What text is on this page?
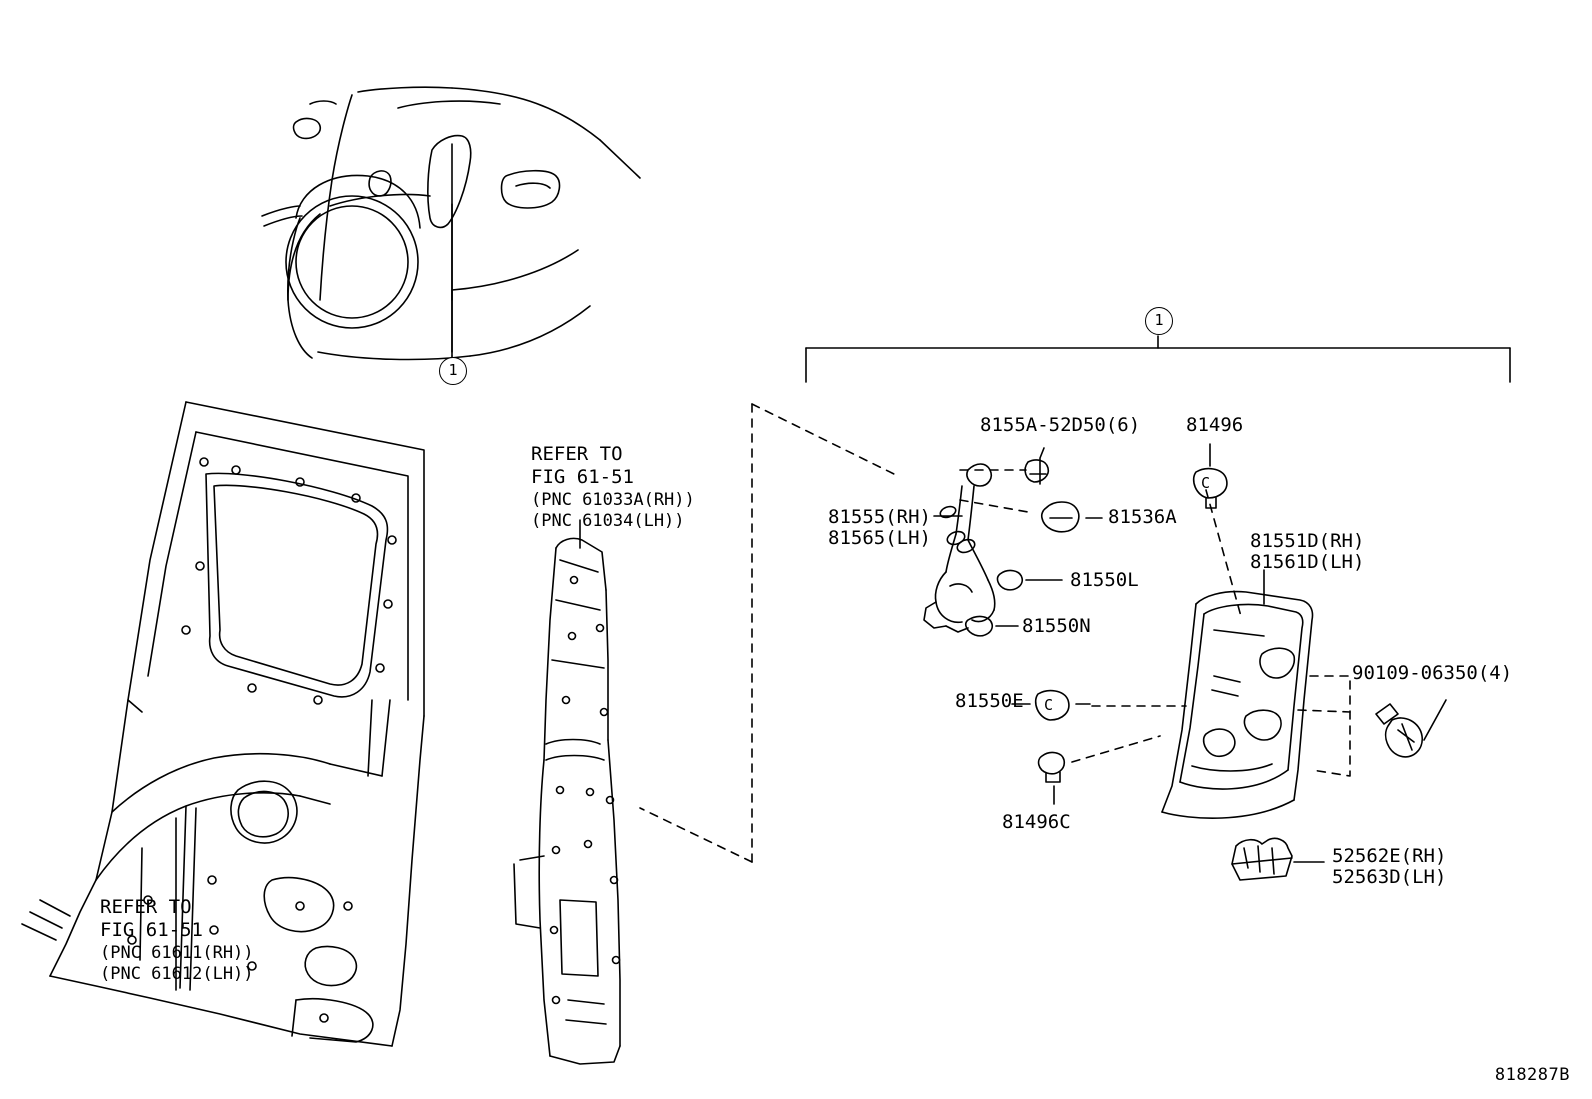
1
1
REFER TO
FIG 61-51
(PNC 61611(RH))
(PNC 61612(LH))
REFER TO
FIG 61-51
(PNC 61033A(RH))
(PNC 61034(LH))
8155A-52D50(6) 81496
81555(RH)
81565(LH)
81536A
81550L
81550N
81551D(RH)
81561D(LH)
90109-06350(4)
81550E
81496C
52562E(RH)
52563D(LH)
C
C
818287B
